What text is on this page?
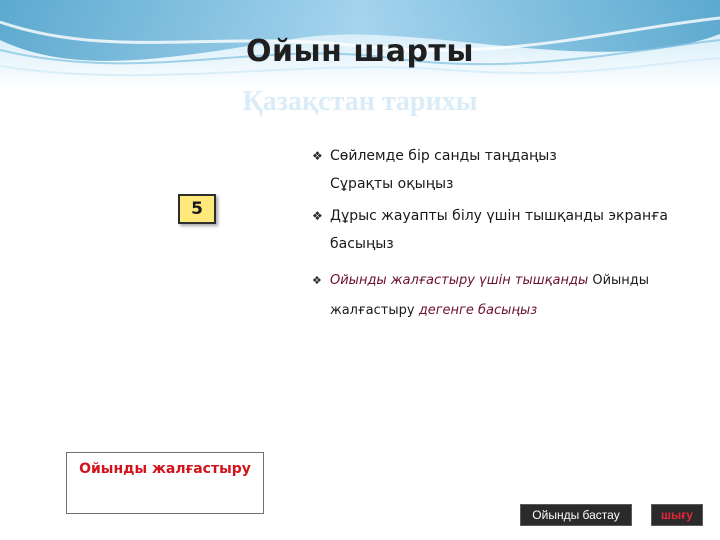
Ойын шарты
Қазақстан тарихы
5
❖ Сөйлемде бір санды таңдаңыз
Сұрақты оқыңыз
❖ Дұрыс жауапты білу үшін тышқанды экранға басыңыз
❖ Ойынды жалғастыру үшін тышқанды Ойынды жалғастыру дегенге басыңыз
Ойынды жалғастыру
Ойынды бастау	шығу
